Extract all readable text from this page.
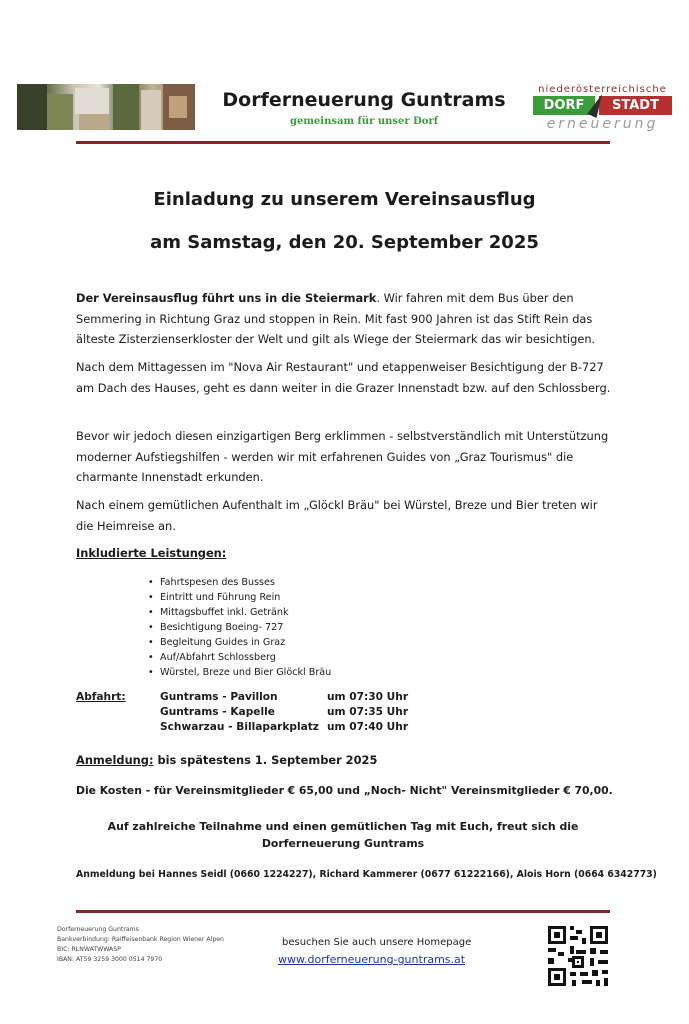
Dorferneuerung Guntrams
gemeinsam für unser Dorf
niederösterreichische
DORF	STADT
erneuerung
Einladung zu unserem Vereinsausflug
am Samstag, den 20. September 2025
Der Vereinsausflug führt uns in die Steiermark. Wir fahren mit dem Bus über den Semmering in Richtung Graz und stoppen in Rein. Mit fast 900 Jahren ist das Stift Rein das älteste Zisterzienserkloster der Welt und gilt als Wiege der Steiermark das wir besichtigen.
Nach dem Mittagessen im "Nova Air Restaurant" und etappenweiser Besichtigung der B-727 am Dach des Hauses, geht es dann weiter in die Grazer Innenstadt bzw. auf den Schlossberg.
Bevor wir jedoch diesen einzigartigen Berg erklimmen - selbstverständlich mit Unterstützung moderner Aufstiegshilfen - werden wir mit erfahrenen Guides von „Graz Tourismus" die charmante Innenstadt erkunden.
Nach einem gemütlichen Aufenthalt im „Glöckl Bräu" bei Würstel, Breze und Bier treten wir die Heimreise an.
Inkludierte Leistungen:
• Fahrtspesen des Busses
• Eintritt und Führung Rein
• Mittagsbuffet inkl. Getränk
• Besichtigung Boeing- 727
• Begleitung Guides in Graz
• Auf/Abfahrt Schlossberg
• Würstel, Breze und Bier Glöckl Bräu
Abfahrt:	Guntrams - Pavillon	um 07:30 Uhr
Guntrams - Kapelle	um 07:35 Uhr
Schwarzau - Billaparkplatz um 07:40 Uhr
Anmeldung: bis spätestens 1. September 2025
Die Kosten - für Vereinsmitglieder € 65,00 und „Noch- Nicht" Vereinsmitglieder € 70,00.
Auf zahlreiche Teilnahme und einen gemütlichen Tag mit Euch, freut sich die
Dorferneuerung Guntrams
Anmeldung bei Hannes Seidl (0660 1224227), Richard Kammerer (0677 61222166), Alois Horn (0664 6342773)
Dorferneuerung Guntrams
Bankverbindung: Raiffeisenbank Region Wiener Alpen
BIC: RLNWATWWASP
IBAN: AT59 3259 3000 0514 7970
besuchen Sie auch unsere Homepage
www.dorferneuerung-guntrams.at
